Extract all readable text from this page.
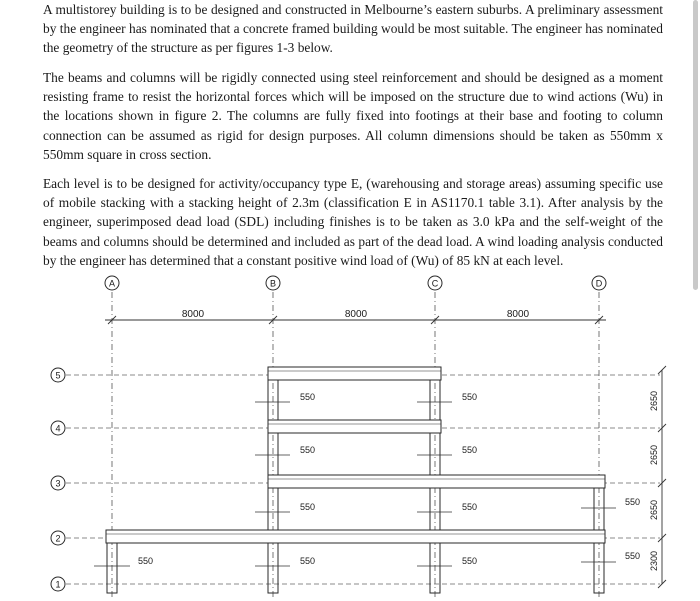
A multistorey building is to be designed and constructed in Melbourne’s eastern suburbs. A preliminary assessment by the engineer has nominated that a concrete framed building would be most suitable. The engineer has nominated the geometry of the structure as per figures 1-3 below.

The beams and columns will be rigidly connected using steel reinforcement and should be designed as a moment resisting frame to resist the horizontal forces which will be imposed on the structure due to wind actions (Wu) in the locations shown in figure 2. The columns are fully fixed into footings at their base and footing to column connection can be assumed as rigid for design purposes. All column dimensions should be taken as 550mm x 550mm square in cross section.

Each level is to be designed for activity/occupancy type E, (warehousing and storage areas) assuming specific use of mobile stacking with a stacking height of 2.3m (classification E in AS1170.1 table 3.1). After analysis by the engineer, superimposed dead load (SDL) including finishes is to be taken as 3.0 kPa and the self-weight of the beams and columns should be determined and included as part of the dead load. A wind loading analysis conducted by the engineer has determined that a constant positive wind load of (Wu) of 85 kN at each level.

A	B	C	D
8000	8000	8000
5
4
3
2
1
550	550
550	550
550	550	550
550	550	550	550
2650
2650
2650
2300
